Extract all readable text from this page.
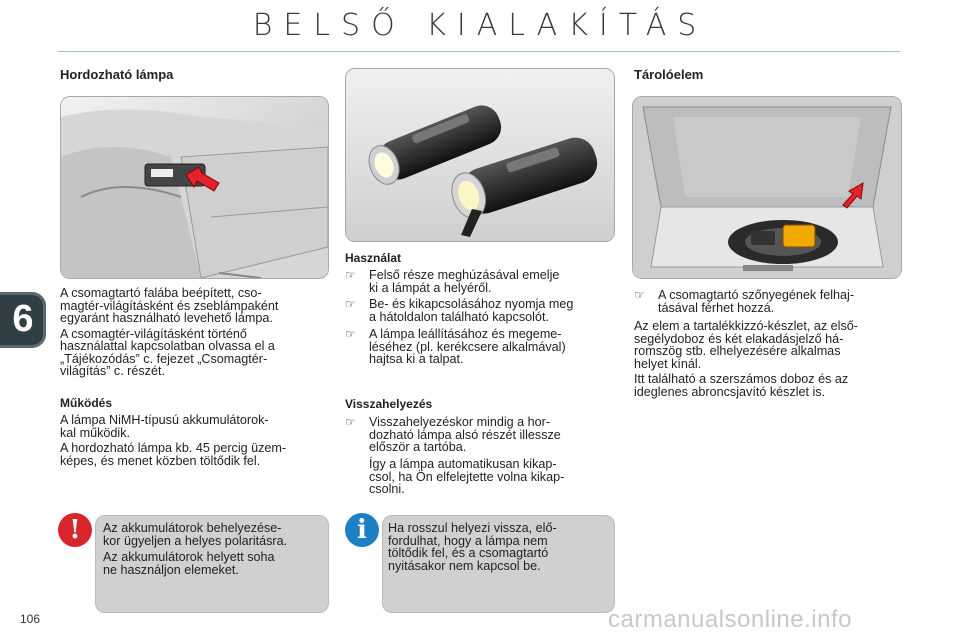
BELSŐ KIALAKÍTÁS
6
Hordozható lámpa
A csomagtartó falába beépített, cso-
magtér-világításként és zseblámpaként
egyaránt használható levehető lámpa.
A csomagtér-világításként történő
használattal kapcsolatban olvassa el a
„Tájékozódás” c. fejezet „Csomagtér-
világítás” c. részét.
Működés
A lámpa NiMH-típusú akkumulátorok-
kal működik.
A hordozható lámpa kb. 45 percig üzem-
képes, és menet közben töltődik fel.
!	Az akkumulátorok behelyezése-
kor ügyeljen a helyes polaritásra.
Az akkumulátorok helyett soha
ne használjon elemeket.
Használat
☞ Felső része meghúzásával emelje
ki a lámpát a helyéről.
☞ Be- és kikapcsolásához nyomja meg
a hátoldalon található kapcsolót.
☞ A lámpa leállításához és megeme-
léséhez (pl. kerékcsere alkalmával)
hajtsa ki a talpat.
Visszahelyezés
☞ Visszahelyezéskor mindig a hor-
dozható lámpa alsó részét illessze
először a tartóba.
Így a lámpa automatikusan kikap-
csol, ha Ön elfelejtette volna kikap-
csolni.
i	Ha rosszul helyezi vissza, elő-
fordulhat, hogy a lámpa nem
töltődik fel, és a csomagtartó
nyitásakor nem kapcsol be.
Tárolóelem
☞ A csomagtartó szőnyegének felhaj-
tásával férhet hozzá.
Az elem a tartalékkizzó-készlet, az első-
segélydoboz és két elakadásjelző há-
romszög stb. elhelyezésére alkalmas
helyet kínál.
Itt található a szerszámos doboz és az
ideglenes abroncsjavító készlet is.
106	carmanualsonline.info
